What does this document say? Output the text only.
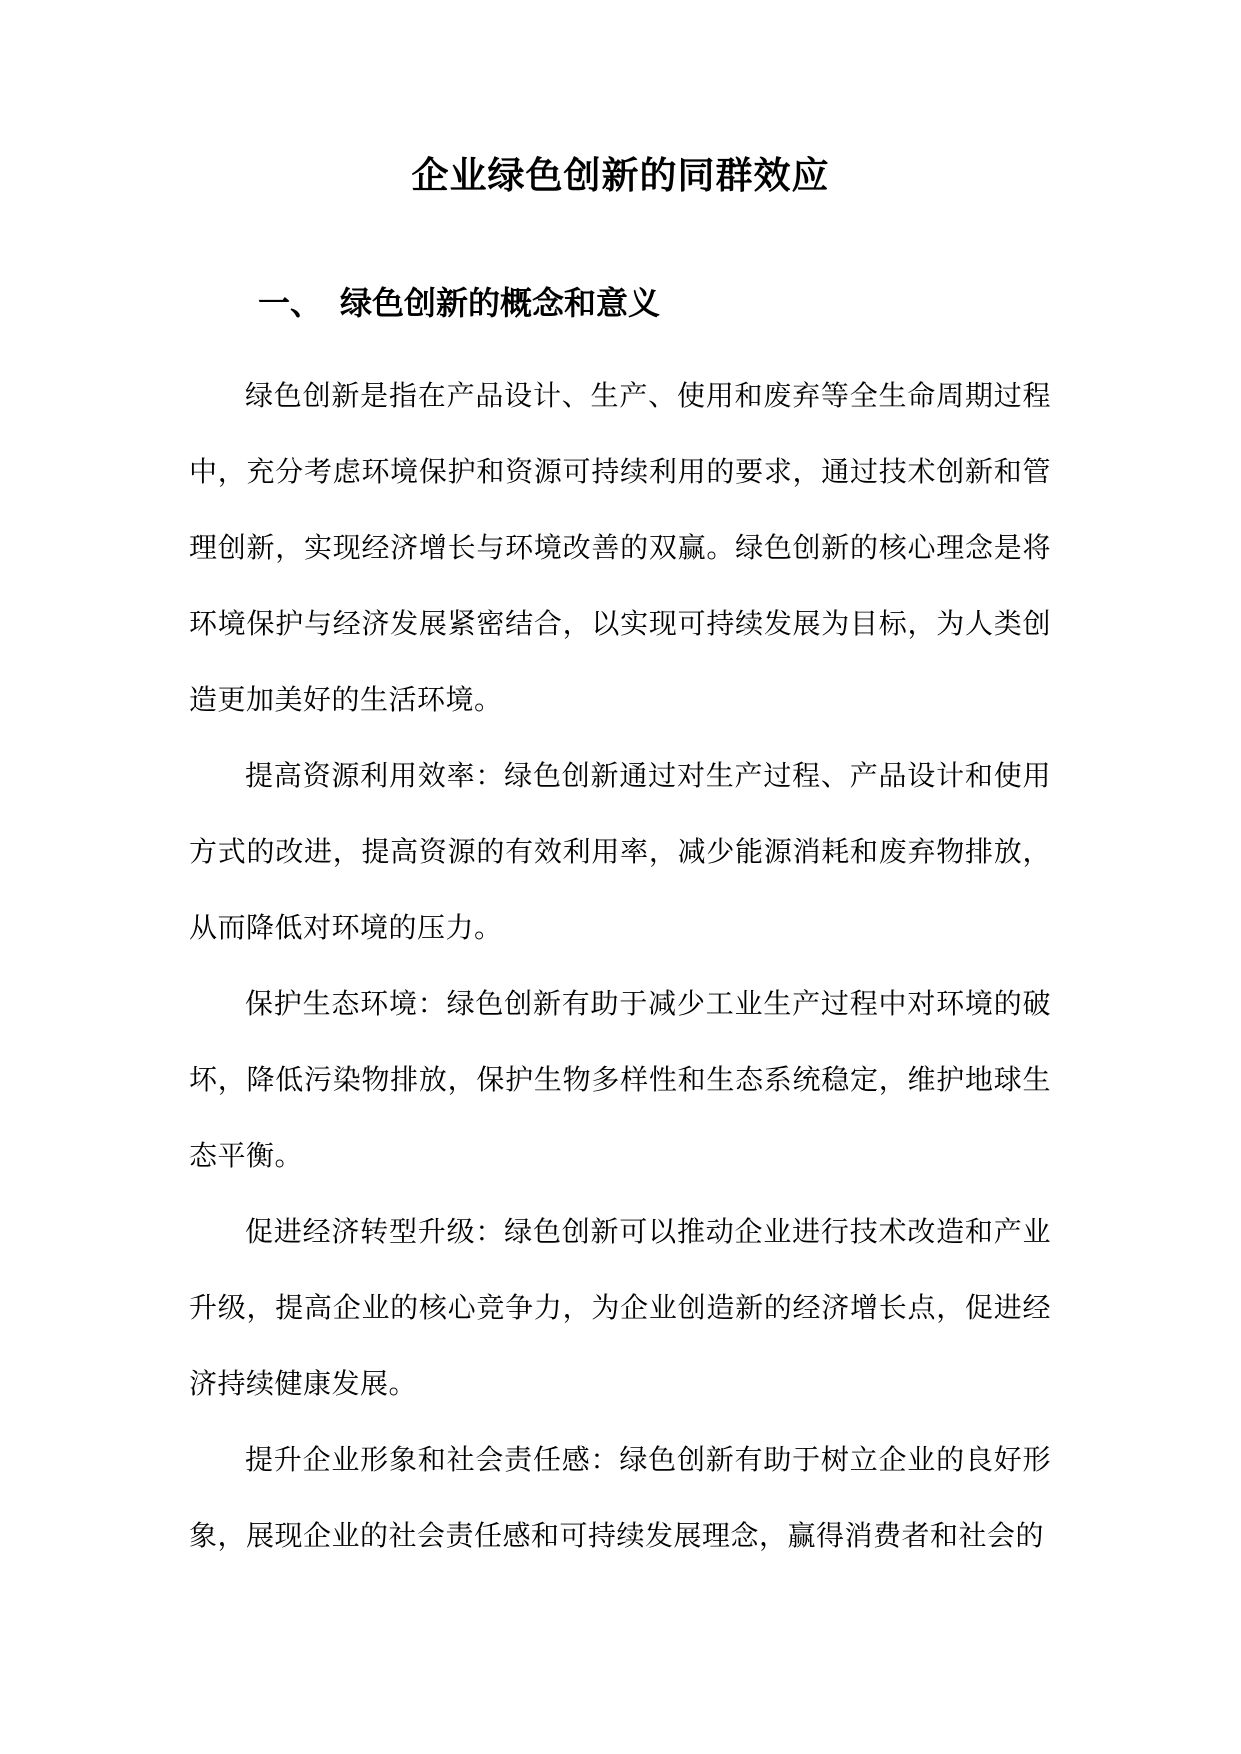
企业绿色创新的同群效应
一、 绿色创新的概念和意义

绿色创新是指在产品设计、生产、使用和废弃等全生命周期过程中，充分考虑环境保护和资源可持续利用的要求，通过技术创新和管理创新，实现经济增长与环境改善的双赢。绿色创新的核心理念是将环境保护与经济发展紧密结合，以实现可持续发展为目标，为人类创造更加美好的生活环境。

提高资源利用效率：绿色创新通过对生产过程、产品设计和使用方式的改进，提高资源的有效利用率，减少能源消耗和废弃物排放，从而降低对环境的压力。

保护生态环境：绿色创新有助于减少工业生产过程中对环境的破坏，降低污染物排放，保护生物多样性和生态系统稳定，维护地球生态平衡。

促进经济转型升级：绿色创新可以推动企业进行技术改造和产业升级，提高企业的核心竞争力，为企业创造新的经济增长点，促进经济持续健康发展。

提升企业形象和社会责任感：绿色创新有助于树立企业的良好形象，展现企业的社会责任感和可持续发展理念，赢得消费者和社会的
